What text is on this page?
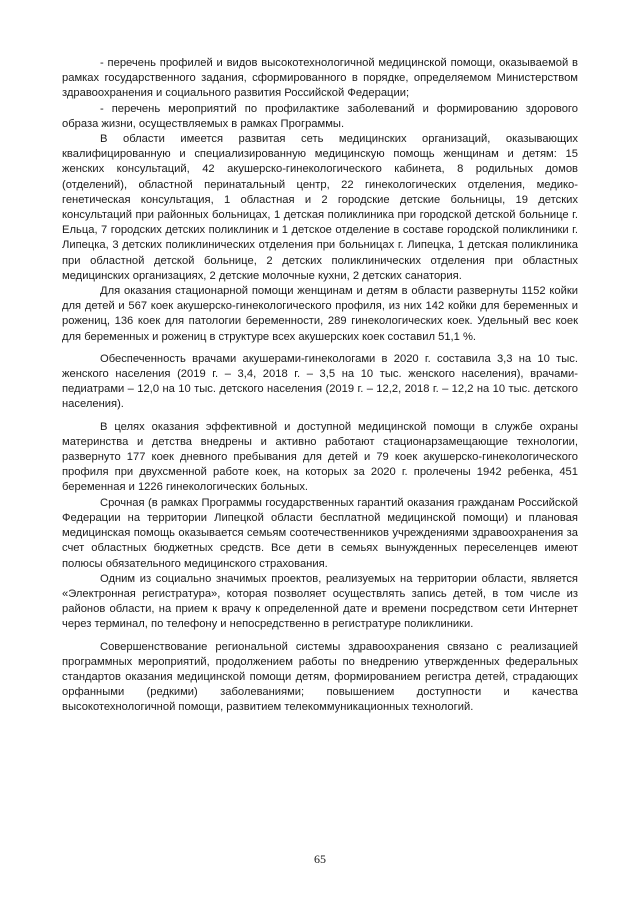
- перечень профилей и видов высокотехнологичной медицинской помощи, оказываемой в рамках государственного задания, сформированного в порядке, определяемом Министерством здравоохранения и социального развития Российской Федерации;

- перечень мероприятий по профилактике заболеваний и формированию здорового образа жизни, осуществляемых в рамках Программы.

В области имеется развитая сеть медицинских организаций, оказывающих квалифицированную и специализированную медицинскую помощь женщинам и детям: 15 женских консультаций, 42 акушерско-гинекологического кабинета, 8 родильных домов (отделений), областной перинатальный центр, 22 гинекологических отделения, медико-генетическая консультация, 1 областная и 2 городские детские больницы, 19 детских консультаций при районных больницах, 1 детская поликлиника при городской детской больнице г. Ельца, 7 городских детских поликлиник и 1 детское отделение в составе городской поликлиники г. Липецка, 3 детских поликлинических отделения при больницах г. Липецка, 1 детская поликлиника при областной детской больнице, 2 детских поликлинических отделения при областных медицинских организациях, 2 детские молочные кухни, 2 детских санатория.

Для оказания стационарной помощи женщинам и детям в области развернуты 1152 койки для детей и 567 коек акушерско-гинекологического профиля, из них 142 койки для беременных и рожениц, 136 коек для патологии беременности, 289 гинекологических коек. Удельный вес коек для беременных и рожениц в структуре всех акушерских коек составил 51,1 %.

Обеспеченность врачами акушерами-гинекологами в 2020 г. составила 3,3 на 10 тыс. женского населения (2019 г. – 3,4, 2018 г. – 3,5 на 10 тыс. женского населения), врачами-педиатрами – 12,0 на 10 тыс. детского населения (2019 г. – 12,2, 2018 г. – 12,2 на 10 тыс. детского населения).

В целях оказания эффективной и доступной медицинской помощи в службе охраны материнства и детства внедрены и активно работают стационарзамещающие технологии, развернуто 177 коек дневного пребывания для детей и 79 коек акушерско-гинекологического профиля при двухсменной работе коек, на которых за 2020 г. пролечены 1942 ребенка, 451 беременная и 1226 гинекологических больных.

Срочная (в рамках Программы государственных гарантий оказания гражданам Российской Федерации на территории Липецкой области бесплатной медицинской помощи) и плановая медицинская помощь оказывается семьям соотечественников учреждениями здравоохранения за счет областных бюджетных средств. Все дети в семьях вынужденных переселенцев имеют полюсы обязательного медицинского страхования.

Одним из социально значимых проектов, реализуемых на территории области, является «Электронная регистратура», которая позволяет осуществлять запись детей, в том числе из районов области, на прием к врачу к определенной дате и времени посредством сети Интернет через терминал, по телефону и непосредственно в регистратуре поликлиники.

Совершенствование региональной системы здравоохранения связано с реализацией программных мероприятий, продолжением работы по внедрению утвержденных федеральных стандартов оказания медицинской помощи детям, формированием регистра детей, страдающих орфанными (редкими) заболеваниями; повышением доступности и качества высокотехнологичной помощи, развитием телекоммуникационных технологий.

65
